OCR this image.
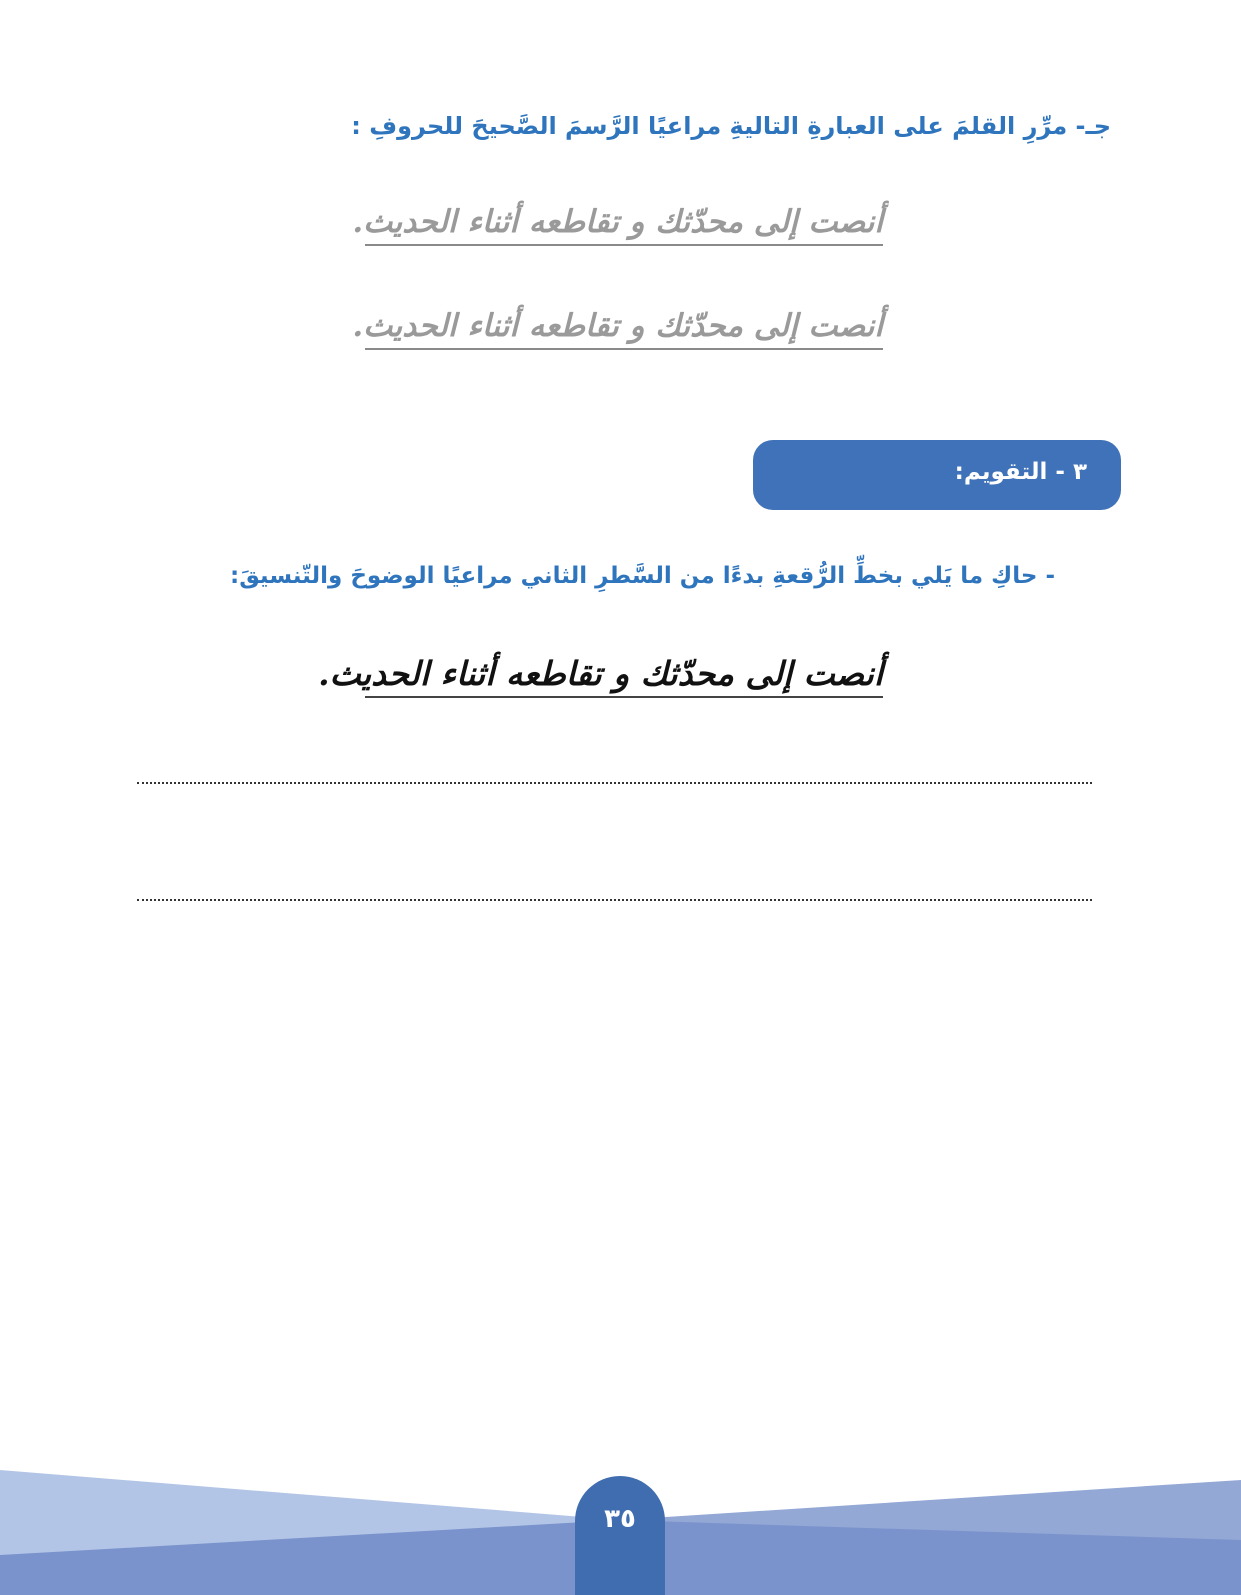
جـ- مرِّرِ القلمَ على العبارةِ التاليةِ مراعيًا الرَّسمَ الصَّحيحَ للحروفِ :
أنصت إلى محدّثك و تقاطعه أثناء الحديث.
أنصت إلى محدّثك و تقاطعه أثناء الحديث.
٣ - التقويم:
- حاكِ ما يَلي بخطِّ الرُّقعةِ بدءًا من السَّطرِ الثاني مراعيًا الوضوحَ والتّنسيقَ:
أنصت إلى محدّثك و تقاطعه أثناء الحديث.
٣٥
